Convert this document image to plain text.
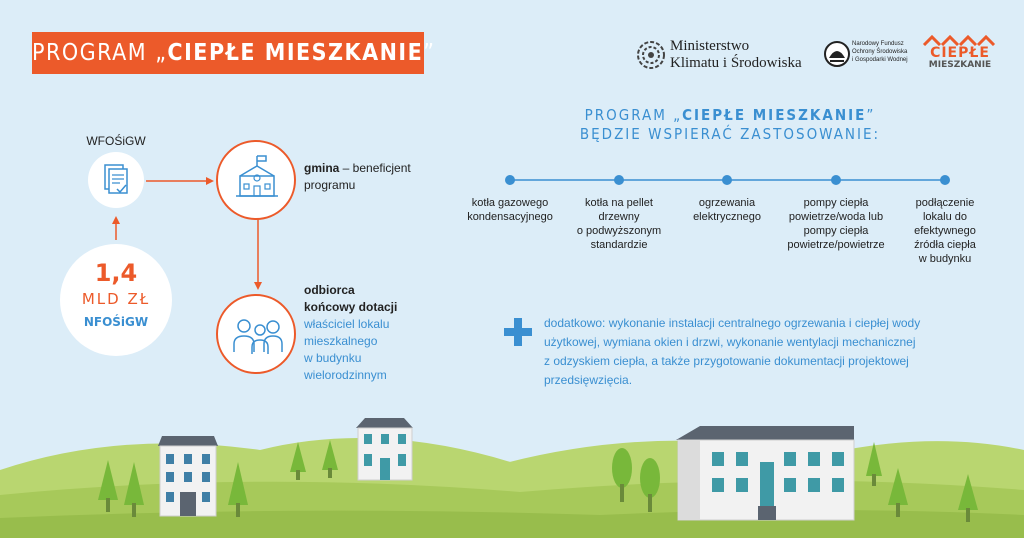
PROGRAM „CIEPŁE MIESZKANIE”	Ministerstwo
Klimatu i Środowiska
Narodowy Fundusz
Ochrony Środowiska
i Gospodarki Wodnej	CIEPŁE
MIESZKANIE
WFOŚiGW
1,4
MLD ZŁ
NFOŚiGW
gmina – beneficjent
programu
odbiorca
końcowy dotacji
właściciel lokalu
mieszkalnego
w budynku
wielorodzinnym
PROGRAM „CIEPŁE MIESZKANIE”
BĘDZIE WSPIERAĆ ZASTOSOWANIE:
kotła gazowego
kondensacyjnego
kotła na pellet
drzewny
o podwyższonym
standardzie
ogrzewania
elektrycznego
pompy ciepła
powietrze/woda lub
pompy ciepła
powietrze/powietrze
podłączenie
lokalu do
efektywnego
źródła ciepła
w budynku
dodatkowo: wykonanie instalacji centralnego ogrzewania i ciepłej wody
użytkowej, wymiana okien i drzwi, wykonanie wentylacji mechanicznej
z odzyskiem ciepła, a także przygotowanie dokumentacji projektowej
przedsięwzięcia.
